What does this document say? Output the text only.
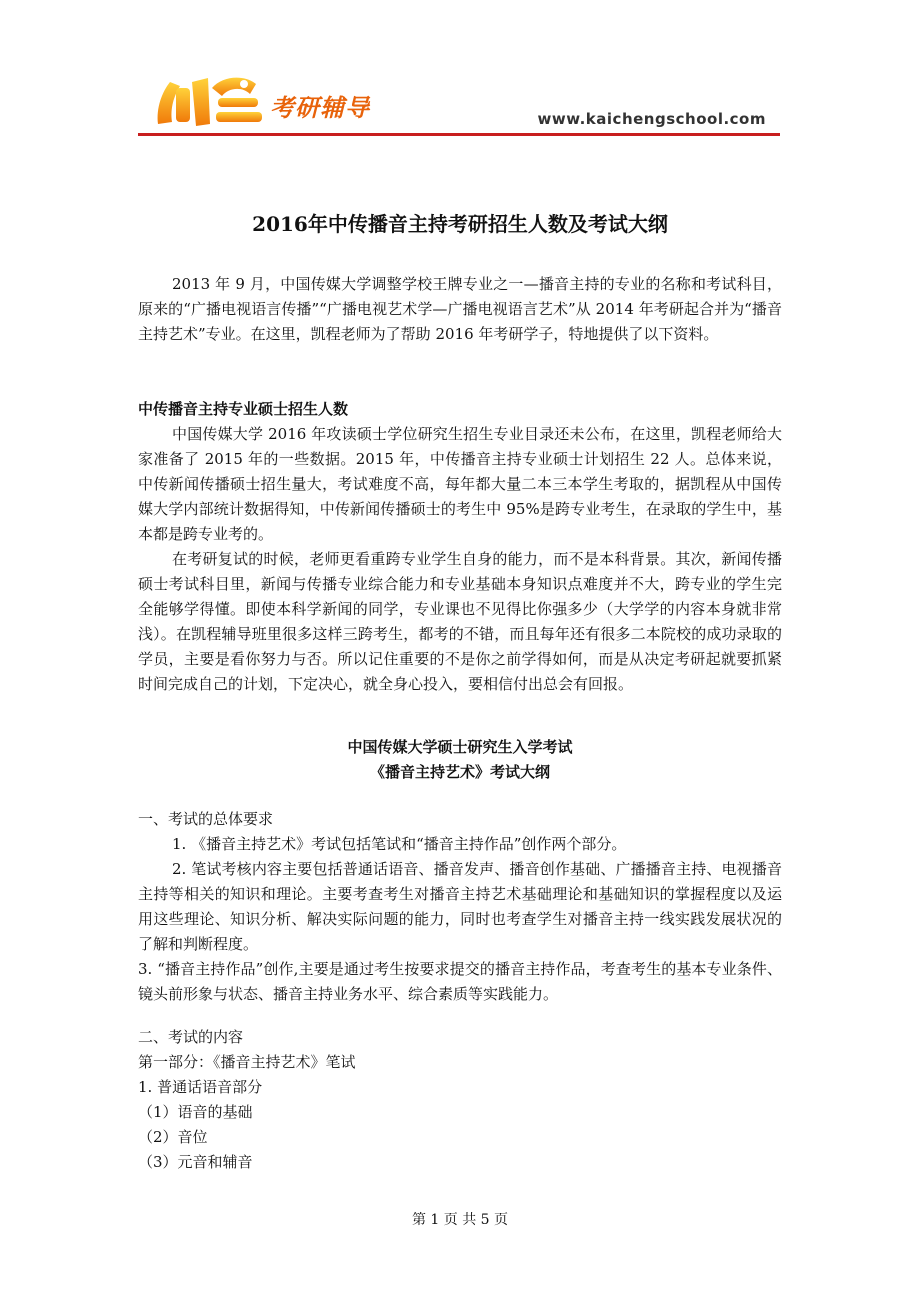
考研辅导	www.kaichengschool.com
2016年中传播音主持考研招生人数及考试大纲

2013 年 9 月，中国传媒大学调整学校王牌专业之一—播音主持的专业的名称和考试科目，原来的“广播电视语言传播”“广播电视艺术学—广播电视语言艺术”从 2014 年考研起合并为“播音主持艺术”专业。在这里，凯程老师为了帮助 2016 年考研学子，特地提供了以下资料。

中传播音主持专业硕士招生人数

中国传媒大学 2016 年攻读硕士学位研究生招生专业目录还未公布，在这里，凯程老师给大家准备了 2015 年的一些数据。2015 年，中传播音主持专业硕士计划招生 22 人。总体来说，中传新闻传播硕士招生量大，考试难度不高，每年都大量二本三本学生考取的，据凯程从中国传媒大学内部统计数据得知，中传新闻传播硕士的考生中 95%是跨专业考生，在录取的学生中，基本都是跨专业考的。

在考研复试的时候，老师更看重跨专业学生自身的能力，而不是本科背景。其次，新闻传播硕士考试科目里，新闻与传播专业综合能力和专业基础本身知识点难度并不大，跨专业的学生完全能够学得懂。即使本科学新闻的同学，专业课也不见得比你强多少（大学学的内容本身就非常浅）。在凯程辅导班里很多这样三跨考生，都考的不错，而且每年还有很多二本院校的成功录取的学员，主要是看你努力与否。所以记住重要的不是你之前学得如何，而是从决定考研起就要抓紧时间完成自己的计划，下定决心，就全身心投入，要相信付出总会有回报。

中国传媒大学硕士研究生入学考试

《播音主持艺术》考试大纲

一、考试的总体要求

1. 《播音主持艺术》考试包括笔试和“播音主持作品”创作两个部分。

2. 笔试考核内容主要包括普通话语音、播音发声、播音创作基础、广播播音主持、电视播音主持等相关的知识和理论。主要考查考生对播音主持艺术基础理论和基础知识的掌握程度以及运用这些理论、知识分析、解决实际问题的能力，同时也考查学生对播音主持一线实践发展状况的了解和判断程度。

3. “播音主持作品”创作,主要是通过考生按要求提交的播音主持作品，考查考生的基本专业条件、镜头前形象与状态、播音主持业务水平、综合素质等实践能力。

二、考试的内容

第一部分：《播音主持艺术》笔试

1. 普通话语音部分

（1）语音的基础

（2）音位

（3）元音和辅音

第 1 页 共 5 页
